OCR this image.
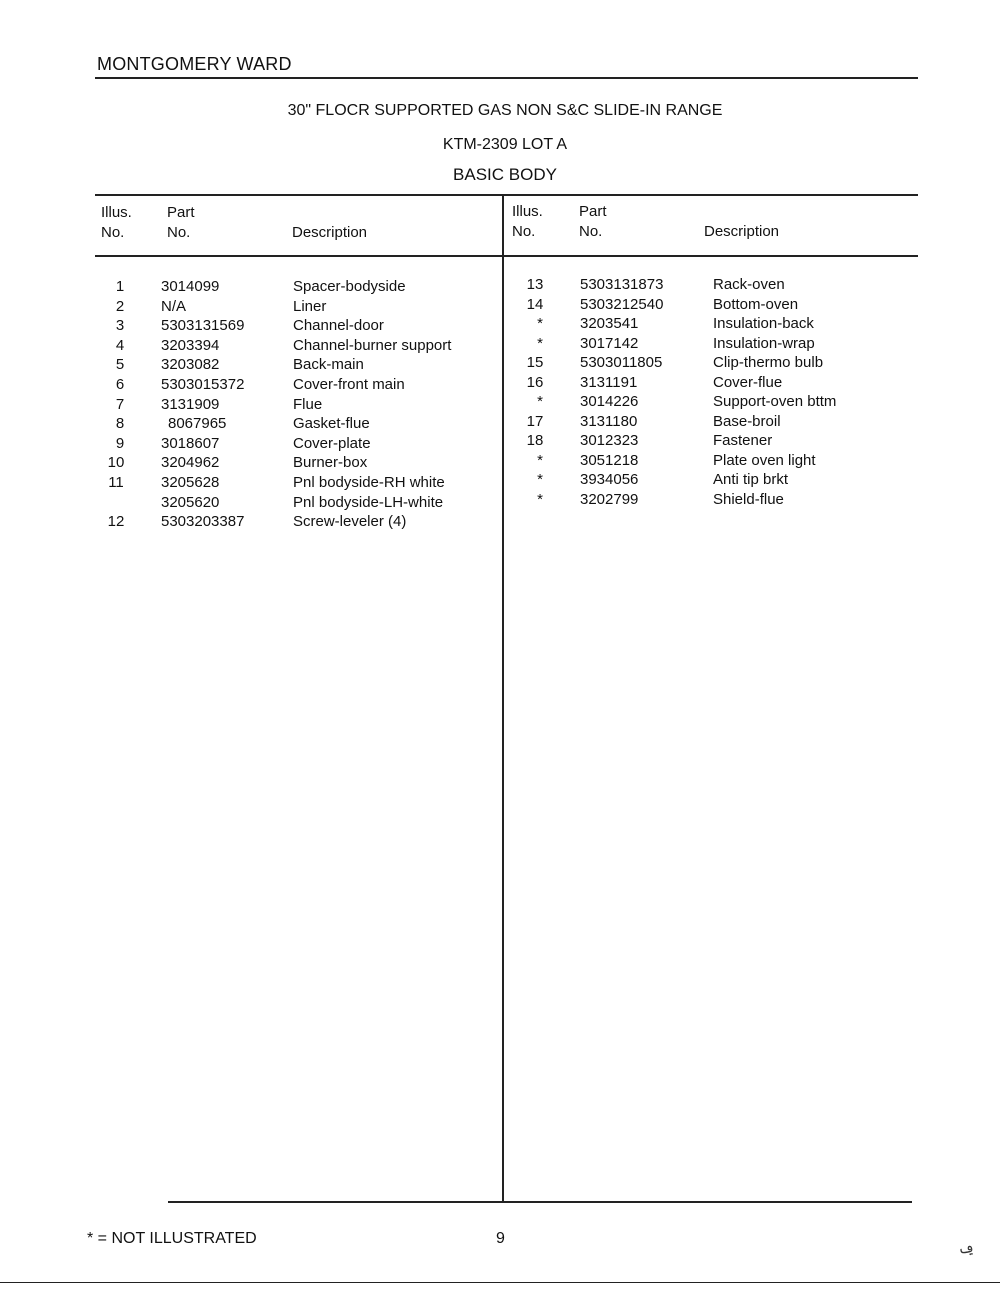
MONTGOMERY WARD
30" FLOCR SUPPORTED GAS NON S&C SLIDE-IN RANGE
KTM-2309 LOT A
BASIC BODY
Illus.
No.
Part
No.	Description
Illus.
No.
Part
No.	Description
1	3014099	Spacer-bodyside
2	N/A	Liner
3	5303131569	Channel-door
4	3203394	Channel-burner support
5	3203082	Back-main
6	5303015372	Cover-front main
7	3131909	Flue
8	8067965	Gasket-flue
9	3018607	Cover-plate
10	3204962	Burner-box
11	3205628	Pnl bodyside-RH white
3205620	Pnl bodyside-LH-white
12	5303203387	Screw-leveler (4)
13	5303131873	Rack-oven
14	5303212540	Bottom-oven
*	3203541	Insulation-back
*	3017142	Insulation-wrap
15	5303011805	Clip-thermo bulb
16	3131191	Cover-flue
*	3014226	Support-oven bttm
17	3131180	Base-broil
18	3012323	Fastener
*	3051218	Plate oven light
*	3934056	Anti tip brkt
*	3202799	Shield-flue
* = NOT ILLUSTRATED	9
ݠ
